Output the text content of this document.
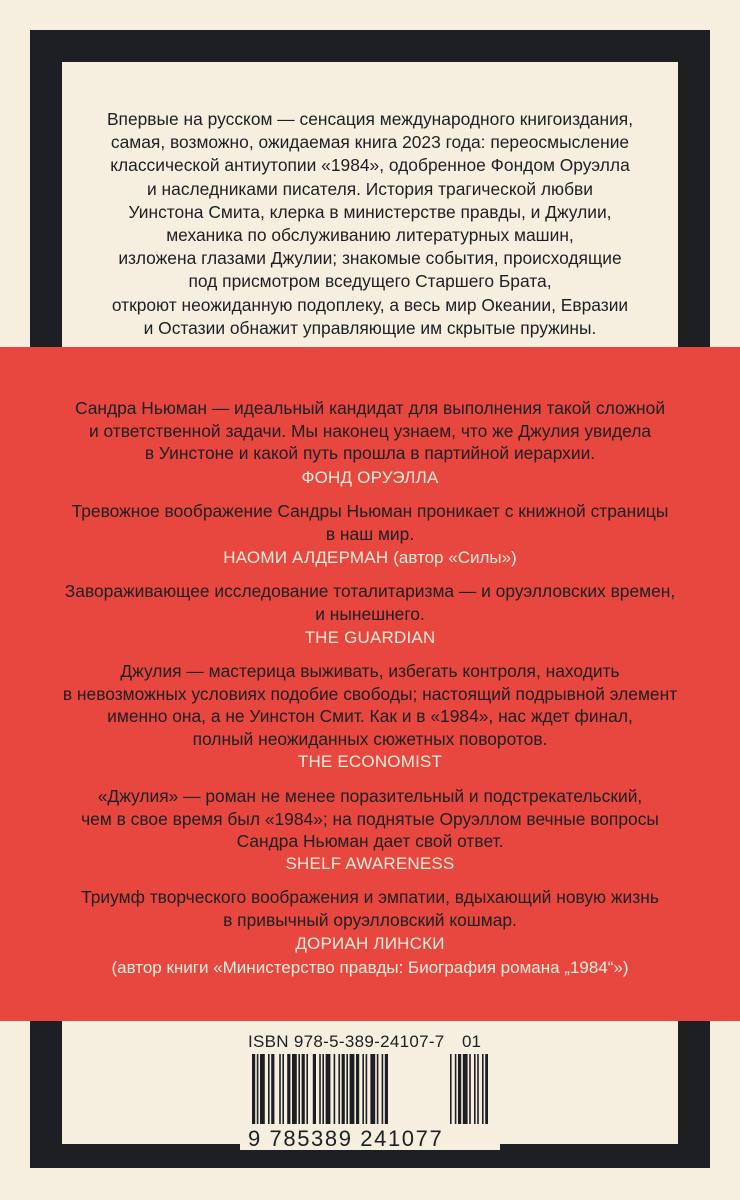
Впервые на русском — сенсация международного книгоиздания,
самая, возможно, ожидаемая книга 2023 года: переосмысление
классической антиутопии «1984», одобренное Фондом Оруэлла
и наследниками писателя. История трагической любви
Уинстона Смита, клерка в министерстве правды, и Джулии,
механика по обслуживанию литературных машин,
изложена глазами Джулии; знакомые события, происходящие
под присмотром вседущего Старшего Брата,
откроют неожиданную подоплеку, а весь мир Океании, Евразии
и Остазии обнажит управляющие им скрытые пружины.
Сандра Ньюман — идеальный кандидат для выполнения такой сложной
и ответственной задачи. Мы наконец узнаем, что же Джулия увидела
в Уинстоне и какой путь прошла в партийной иерархии.
ФОНД ОРУЭЛЛА
Тревожное воображение Сандры Ньюман проникает с книжной страницы
в наш мир.
НАОМИ АЛДЕРМАН (автор «Силы»)
Завораживающее исследование тоталитаризма — и оруэлловских времен,
и нынешнего.
THE GUARDIAN
Джулия — мастерица выживать, избегать контроля, находить
в невозможных условиях подобие свободы; настоящий подрывной элемент
именно она, а не Уинстон Смит. Как и в «1984», нас ждет финал,
полный неожиданных сюжетных поворотов.
THE ECONOMIST
«Джулия» — роман не менее поразительный и подстрекательский,
чем в свое время был «1984»; на поднятые Оруэллом вечные вопросы
Сандра Ньюман дает свой ответ.
SHELF AWARENESS
Триумф творческого воображения и эмпатии, вдыхающий новую жизнь
в привычный оруэлловский кошмар.
ДОРИАН ЛИНСКИ
(автор книги «Министерство правды: Биография романа „1984“»)
ISBN 978-5-389-24107-7 01
9 785389 241077
